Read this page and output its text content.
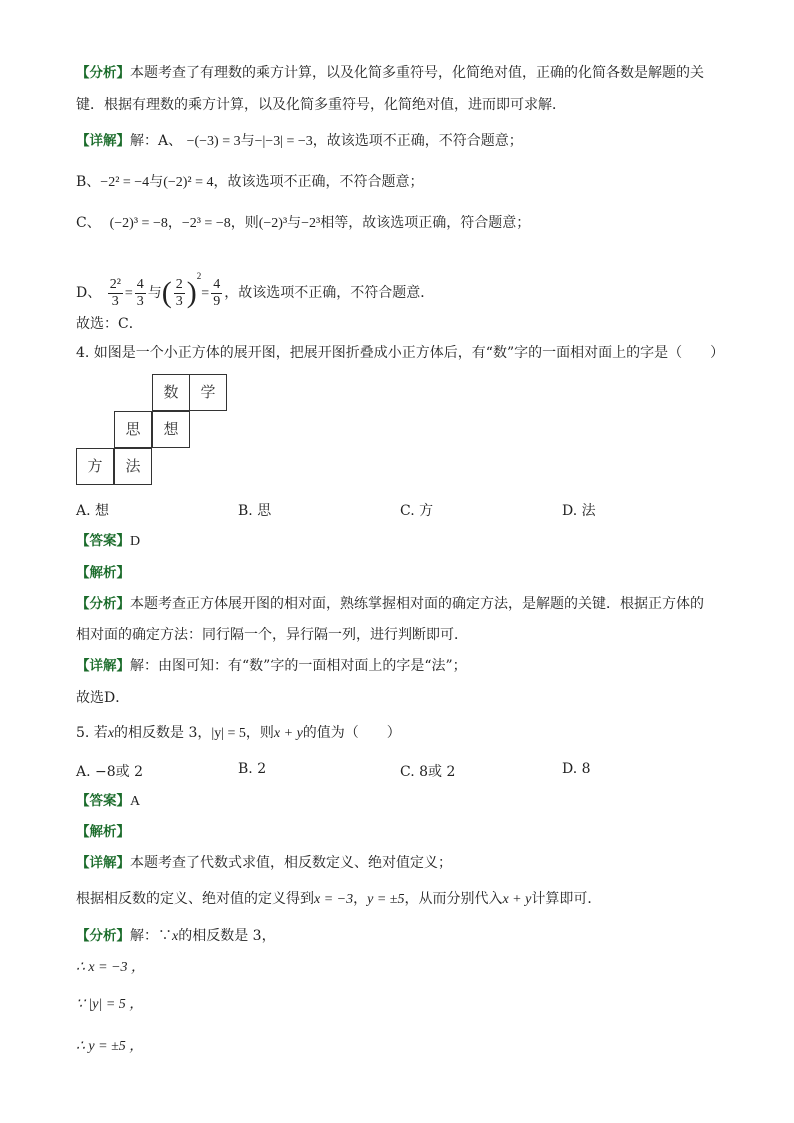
【分析】本题考查了有理数的乘方计算，以及化简多重符号，化简绝对值，正确的化简各数是解题的关
键．根据有理数的乘方计算，以及化简多重符号，化简绝对值，进而即可求解．
【详解】解：A、 −(−3) = 3与−|−3| = −3，故该选项不正确，不符合题意；
B、−2² = −4与(−2)² = 4，故该选项不正确，不符合题意；
C、 (−2)³ = −8，−2³ = −8，则(−2)³与−2³相等，故该选项正确，符合题意；
D、 $\frac{\text{2²}}{3} = \frac{4}{3}$ 与( $\frac{2}{3} )^2= \frac{4}{9}$ ，故该选项不正确，不符合题意．
故选：C．
4. 如图是一个小正方体的展开图，把展开图折叠成小正方体后，有“数”字的一面相对面上的字是（　　）
数	学
思	想
方	法
A. 想	B. 思	C. 方	D. 法
【答案】D
【解析】
【分析】本题考查正方体展开图的相对面，熟练掌握相对面的确定方法，是解题的关键．根据正方体的
相对面的确定方法：同行隔一个，异行隔一列，进行判断即可．
【详解】解：由图可知：有“数”字的一面相对面上的字是“法”；
故选D．
5. 若x的相反数是 3，|y| = 5，则x + y的值为（　　）
A. −8或 2	B. 2	C. 8或 2	D. 8
【答案】A
【解析】
【详解】本题考查了代数式求值，相反数定义、绝对值定义；
根据相反数的定义、绝对值的定义得到x = −3，y = ±5，从而分别代入x + y计算即可．
【分析】解：∵x的相反数是 3，
∴ x = −3 ，
∵ |y| = 5 ，
∴ y = ±5 ，
